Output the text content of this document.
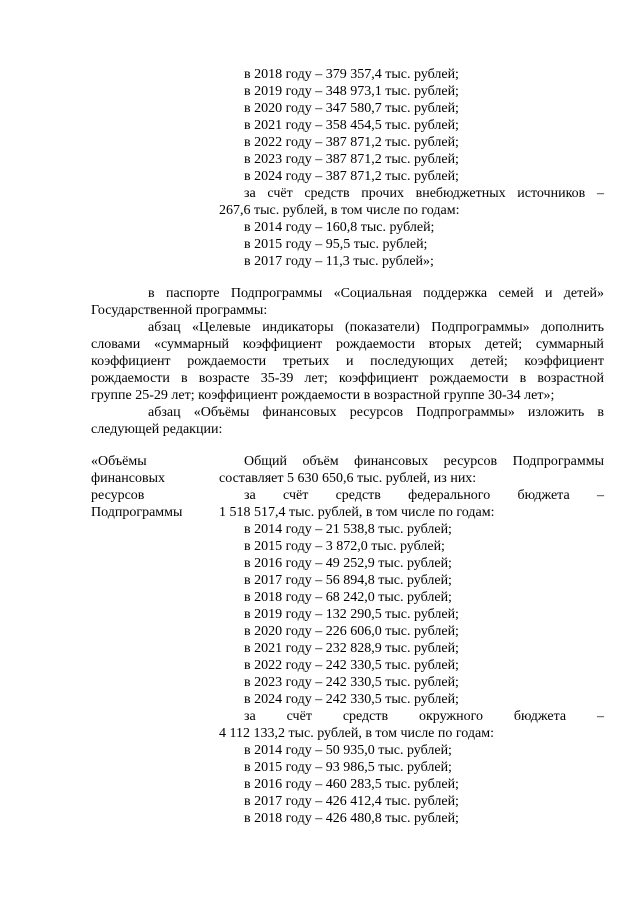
в 2018 году – 379 357,4 тыс. рублей;
в 2019 году – 348 973,1 тыс. рублей;
в 2020 году – 347 580,7 тыс. рублей;
в 2021 году – 358 454,5 тыс. рублей;
в 2022 году – 387 871,2 тыс. рублей;
в 2023 году – 387 871,2 тыс. рублей;
в 2024 году – 387 871,2 тыс. рублей;
за счёт средств прочих внебюджетных источников –
267,6 тыс. рублей, в том числе по годам:
в 2014 году – 160,8 тыс. рублей;
в 2015 году – 95,5 тыс. рублей;
в 2017 году – 11,3 тыс. рублей»;
в паспорте Подпрограммы «Социальная поддержка семей и детей»
Государственной программы:
абзац «Целевые индикаторы (показатели) Подпрограммы» дополнить
словами «суммарный коэффициент рождаемости вторых детей; суммарный
коэффициент рождаемости третьих и последующих детей; коэффициент
рождаемости в возрасте 35-39 лет; коэффициент рождаемости в возрастной
группе 25-29 лет; коэффициент рождаемости в возрастной группе 30-34 лет»;
абзац «Объёмы финансовых ресурсов Подпрограммы» изложить в
следующей редакции:
«Объёмы
финансовых
ресурсов
Подпрограммы
Общий объём финансовых ресурсов Подпрограммы
составляет 5 630 650,6 тыс. рублей, из них:
за счёт средств федерального бюджета –
1 518 517,4 тыс. рублей, в том числе по годам:
в 2014 году – 21 538,8 тыс. рублей;
в 2015 году – 3 872,0 тыс. рублей;
в 2016 году – 49 252,9 тыс. рублей;
в 2017 году – 56 894,8 тыс. рублей;
в 2018 году – 68 242,0 тыс. рублей;
в 2019 году – 132 290,5 тыс. рублей;
в 2020 году – 226 606,0 тыс. рублей;
в 2021 году – 232 828,9 тыс. рублей;
в 2022 году – 242 330,5 тыс. рублей;
в 2023 году – 242 330,5 тыс. рублей;
в 2024 году – 242 330,5 тыс. рублей;
за счёт средств окружного бюджета –
4 112 133,2 тыс. рублей, в том числе по годам:
в 2014 году – 50 935,0 тыс. рублей;
в 2015 году – 93 986,5 тыс. рублей;
в 2016 году – 460 283,5 тыс. рублей;
в 2017 году – 426 412,4 тыс. рублей;
в 2018 году – 426 480,8 тыс. рублей;
